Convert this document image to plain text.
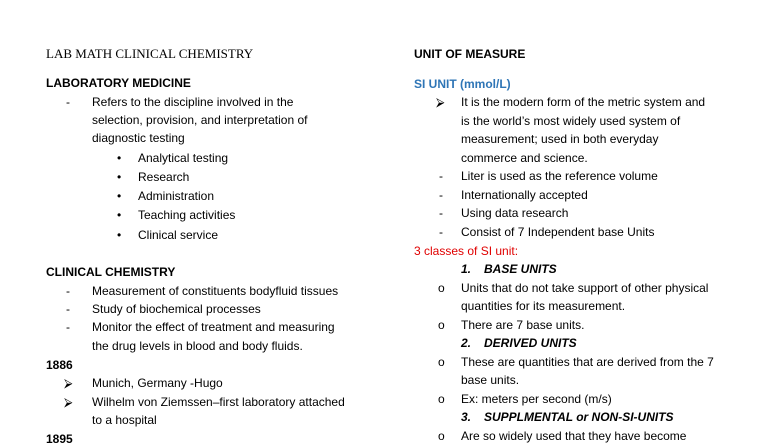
LAB MATH CLINICAL CHEMISTRY
LABORATORY MEDICINE
- Refers to the discipline involved in the
selection, provision, and interpretation of
diagnostic testing
• Analytical testing
• Research
• Administration
• Teaching activities
• Clinical service
CLINICAL CHEMISTRY
- Measurement of constituents bodyfluid tissues
- Study of biochemical processes
- Monitor the effect of treatment and measuring
the drug levels in blood and body fluids.
1886
⮚ Munich, Germany -Hugo
⮚ Wilhelm von Ziemssen–first laboratory attached
to a hospital
1895
UNIT OF MEASURE
SI UNIT (mmol/L)
⮚ It is the modern form of the metric system and
is the world’s most widely used system of
measurement; used in both everyday
commerce and science.
- Liter is used as the reference volume
- Internationally accepted
- Using data research
- Consist of 7 Independent base Units
3 classes of SI unit:
1. BASE UNITS
o Units that do not take support of other physical
quantities for its measurement.
o There are 7 base units.
2. DERIVED UNITS
o These are quantities that are derived from the 7
base units.
o Ex: meters per second (m/s)
3. SUPPLMENTAL or NON-SI-UNITS
o Are so widely used that they have become
